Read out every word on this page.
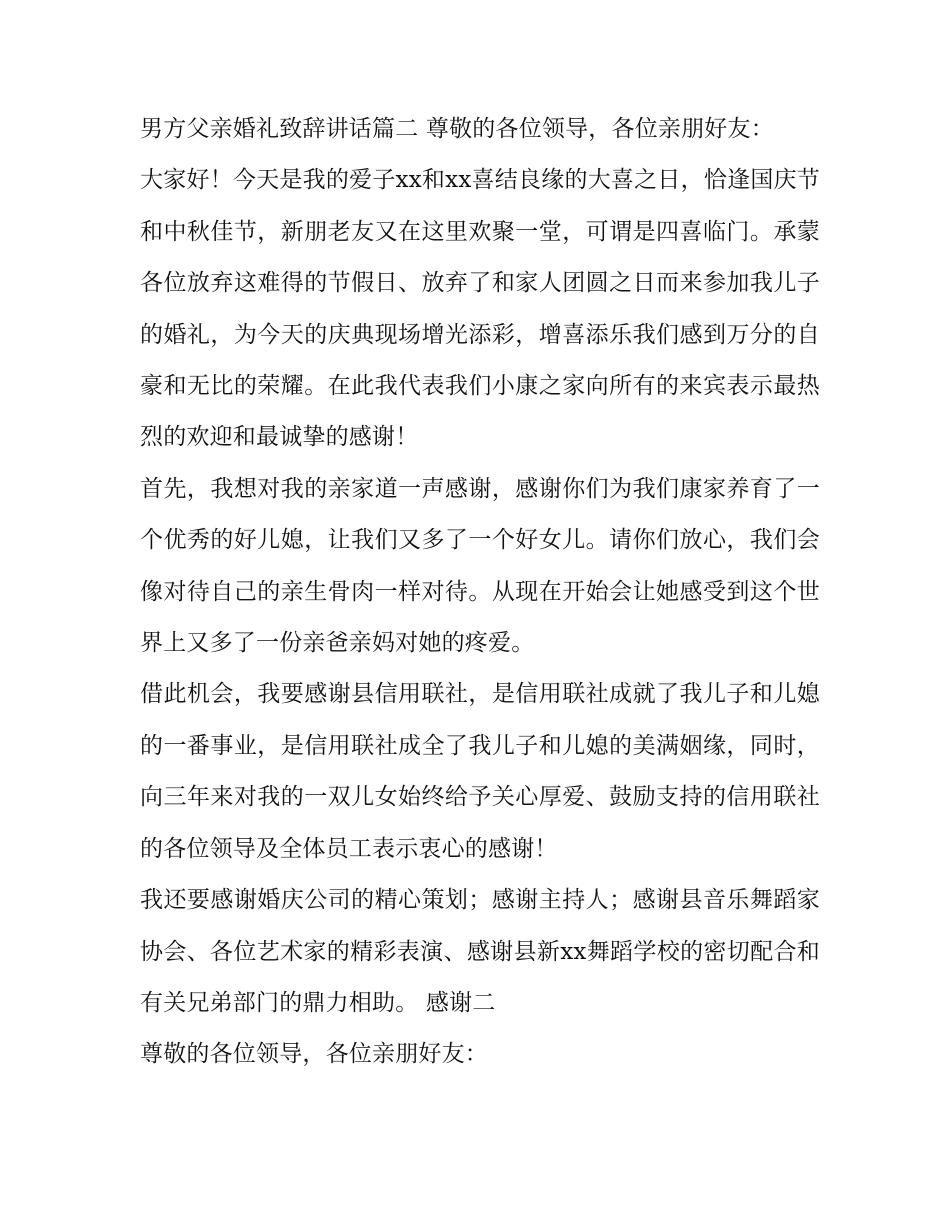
男方父亲婚礼致辞讲话篇二 尊敬的各位领导，各位亲朋好友：

大家好！今天是我的爱子xx和xx喜结良缘的大喜之日，恰逢国庆节和中秋佳节，新朋老友又在这里欢聚一堂，可谓是四喜临门。承蒙各位放弃这难得的节假日、放弃了和家人团圆之日而来参加我儿子的婚礼，为今天的庆典现场增光添彩，增喜添乐我们感到万分的自豪和无比的荣耀。在此我代表我们小康之家向所有的来宾表示最热烈的欢迎和最诚挚的感谢！

首先，我想对我的亲家道一声感谢，感谢你们为我们康家养育了一个优秀的好儿媳，让我们又多了一个好女儿。请你们放心，我们会像对待自己的亲生骨肉一样对待。从现在开始会让她感受到这个世界上又多了一份亲爸亲妈对她的疼爱。

借此机会，我要感谢县信用联社，是信用联社成就了我儿子和儿媳的一番事业，是信用联社成全了我儿子和儿媳的美满姻缘，同时，向三年来对我的一双儿女始终给予关心厚爱、鼓励支持的信用联社的各位领导及全体员工表示衷心的感谢！

我还要感谢婚庆公司的精心策划；感谢主持人；感谢县音乐舞蹈家协会、各位艺术家的精彩表演、感谢县新xx舞蹈学校的密切配合和有关兄弟部门的鼎力相助。 感谢二

尊敬的各位领导，各位亲朋好友：
